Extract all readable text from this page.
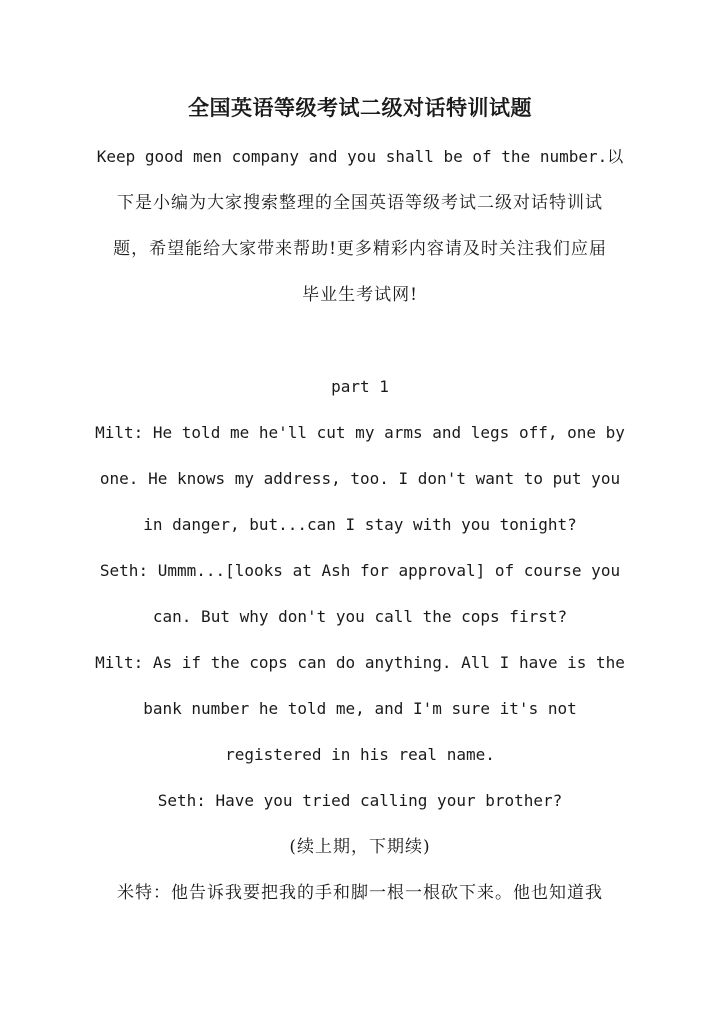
全国英语等级考试二级对话特训试题
Keep good men company and you shall be of the number.以
下是小编为大家搜索整理的全国英语等级考试二级对话特训试
题，希望能给大家带来帮助!更多精彩内容请及时关注我们应届
毕业生考试网!
part 1
Milt: He told me he'll cut my arms and legs off, one by
one. He knows my address, too. I don't want to put you
in danger, but...can I stay with you tonight?
Seth: Ummm...[looks at Ash for approval] of course you
can. But why don't you call the cops first?
Milt: As if the cops can do anything. All I have is the
bank number he told me, and I'm sure it's not
registered in his real name.
Seth: Have you tried calling your brother?
(续上期，下期续)
米特：他告诉我要把我的手和脚一根一根砍下来。他也知道我
